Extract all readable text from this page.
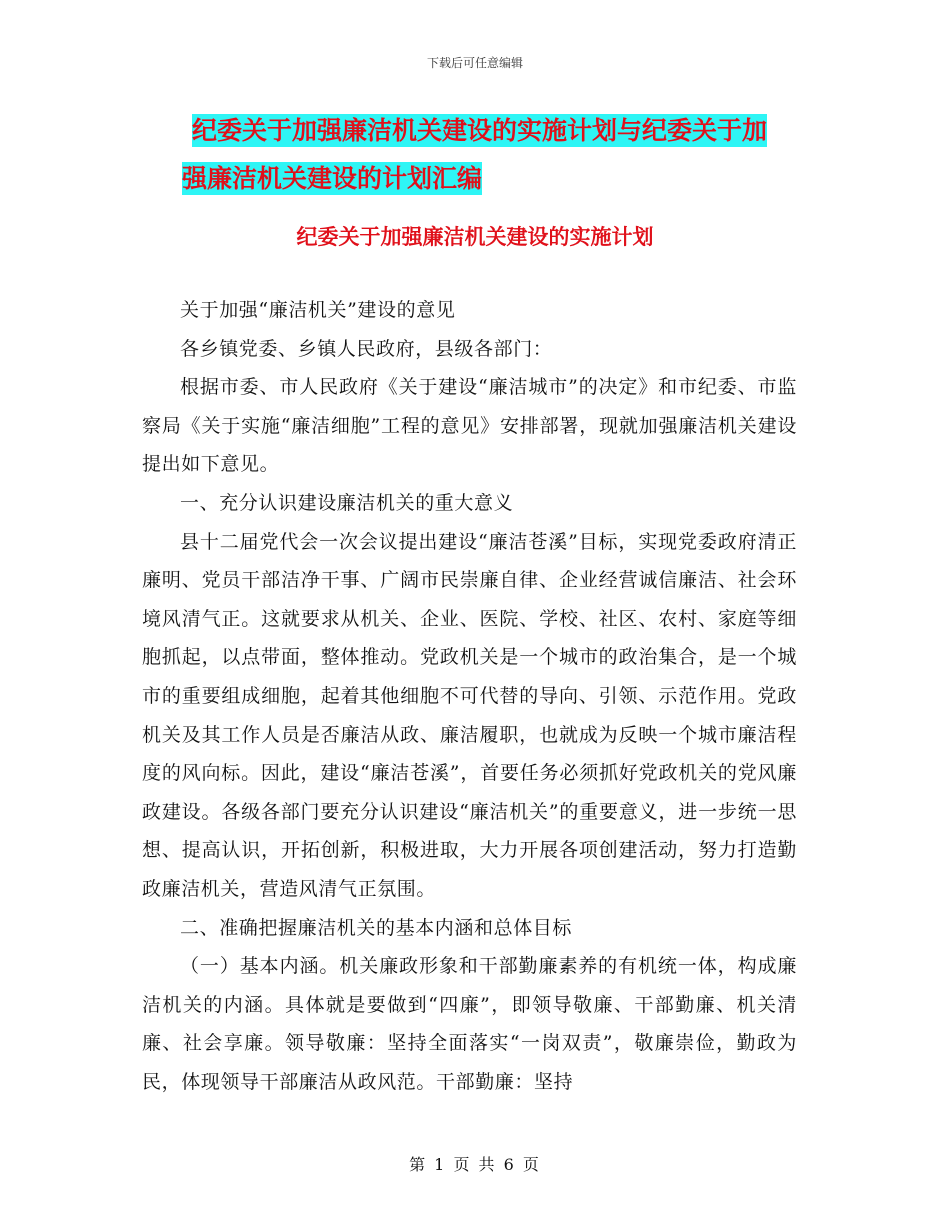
下载后可任意编辑
纪委关于加强廉洁机关建设的实施计划与纪委关于加
强廉洁机关建设的计划汇编
纪委关于加强廉洁机关建设的实施计划

关于加强“廉洁机关”建设的意见

各乡镇党委、乡镇人民政府，县级各部门：

根据市委、市人民政府《关于建设“廉洁城市”的决定》和市纪委、市监察局《关于实施“廉洁细胞”工程的意见》安排部署，现就加强廉洁机关建设提出如下意见。

一、充分认识建设廉洁机关的重大意义

县十二届党代会一次会议提出建设“廉洁苍溪”目标，实现党委政府清正廉明、党员干部洁净干事、广阔市民崇廉自律、企业经营诚信廉洁、社会环境风清气正。这就要求从机关、企业、医院、学校、社区、农村、家庭等细胞抓起，以点带面，整体推动。党政机关是一个城市的政治集合，是一个城市的重要组成细胞，起着其他细胞不可代替的导向、引领、示范作用。党政机关及其工作人员是否廉洁从政、廉洁履职，也就成为反映一个城市廉洁程度的风向标。因此，建设“廉洁苍溪”，首要任务必须抓好党政机关的党风廉政建设。各级各部门要充分认识建设“廉洁机关”的重要意义，进一步统一思想、提高认识，开拓创新，积极进取，大力开展各项创建活动，努力打造勤政廉洁机关，营造风清气正氛围。

二、准确把握廉洁机关的基本内涵和总体目标

（一）基本内涵。机关廉政形象和干部勤廉素养的有机统一体，构成廉洁机关的内涵。具体就是要做到“四廉”，即领导敬廉、干部勤廉、机关清廉、社会享廉。领导敬廉：坚持全面落实“一岗双责”，敬廉崇俭，勤政为民，体现领导干部廉洁从政风范。干部勤廉：坚持

第 1 页 共 6 页
